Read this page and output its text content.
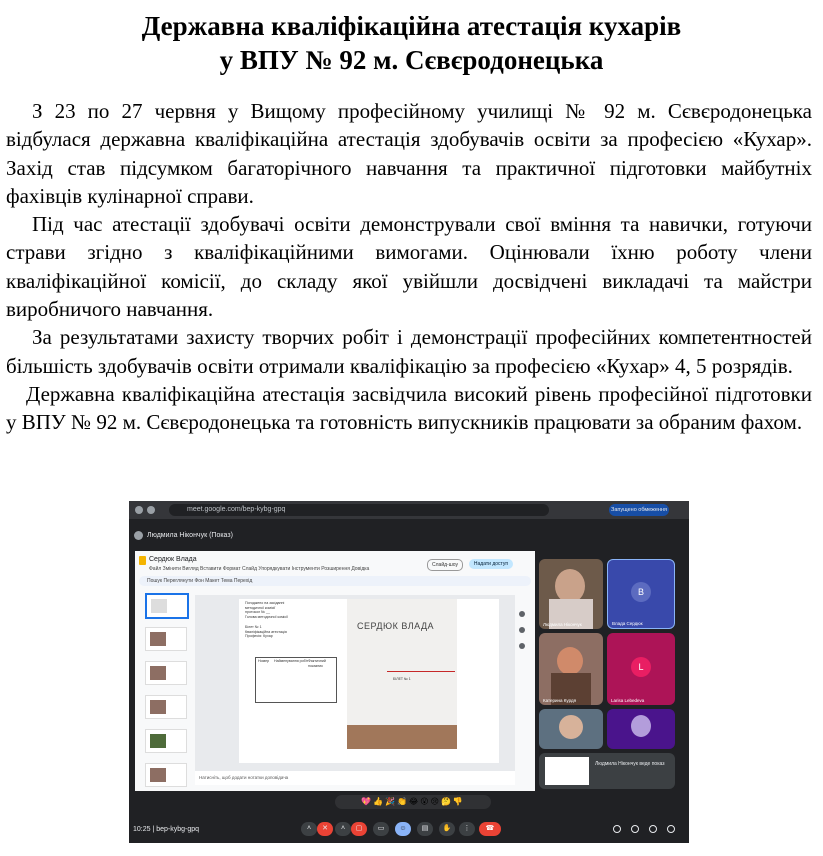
Державна кваліфікаційна атестація кухарів
у ВПУ № 92 м. Сєвєродонецька

З 23 по 27 червня у Вищому професійному училищі № 92 м. Сєвєродонецька відбулася державна кваліфікаційна атестація здобувачів освіти за професією «Кухар». Захід став підсумком багаторічного навчання та практичної підготовки майбутніх фахівців кулінарної справи.

Під час атестації здобувачі освіти демонстрували свої вміння та навички, готуючи страви згідно з кваліфікаційними вимогами. Оцінювали їхню роботу члени кваліфікаційної комісії, до складу якої увійшли досвідчені викладачі та майстри виробничого навчання.

За результатами захисту творчих робіт і демонстрації професійних компетентностей більшість здобувачів освіти отримали кваліфікацію за професією «Кухар» 4, 5 розрядів.

Державна кваліфікаційна атестація засвідчила високий рівень професійної підготовки у ВПУ № 92 м. Сєвєродонецька та готовність випускників працювати за обраним фахом.

meet.google.com/bep-kybg-gpq	Запущено обмеження
Людмила Нікончук (Показ)
Сердюк Влада
Файл Змінити Вигляд Вставити Формат Слайд Упорядкувати Інструменти Розширення Довідка
Слайд-шоу	Надати доступ
Пошук Переглянути Фон Макет Тема Перехід
Погоджено на засіданні
методичної комісії
протокол № __
Голова методичної комісії
Білет № 1
Кваліфікаційна атестація
Професія: Кухар
Номер Найменування робіт Фактичний показник
СЕРДЮК ВЛАДА
БІЛЕТ № 1
Натисніть, щоб додати нотатки доповідача
Людмила Нікончук
B
Влада Сердюк
Катерина Курдя
L
Larisa Lebedeva
Людмила Нікончук веде показ
💖👍🎉👏😂😮😢🤔👎
10:25 | bep-kybg-gpq	˄	✕	˄	▢	▭	☺	▤	✋	⋮	☎
